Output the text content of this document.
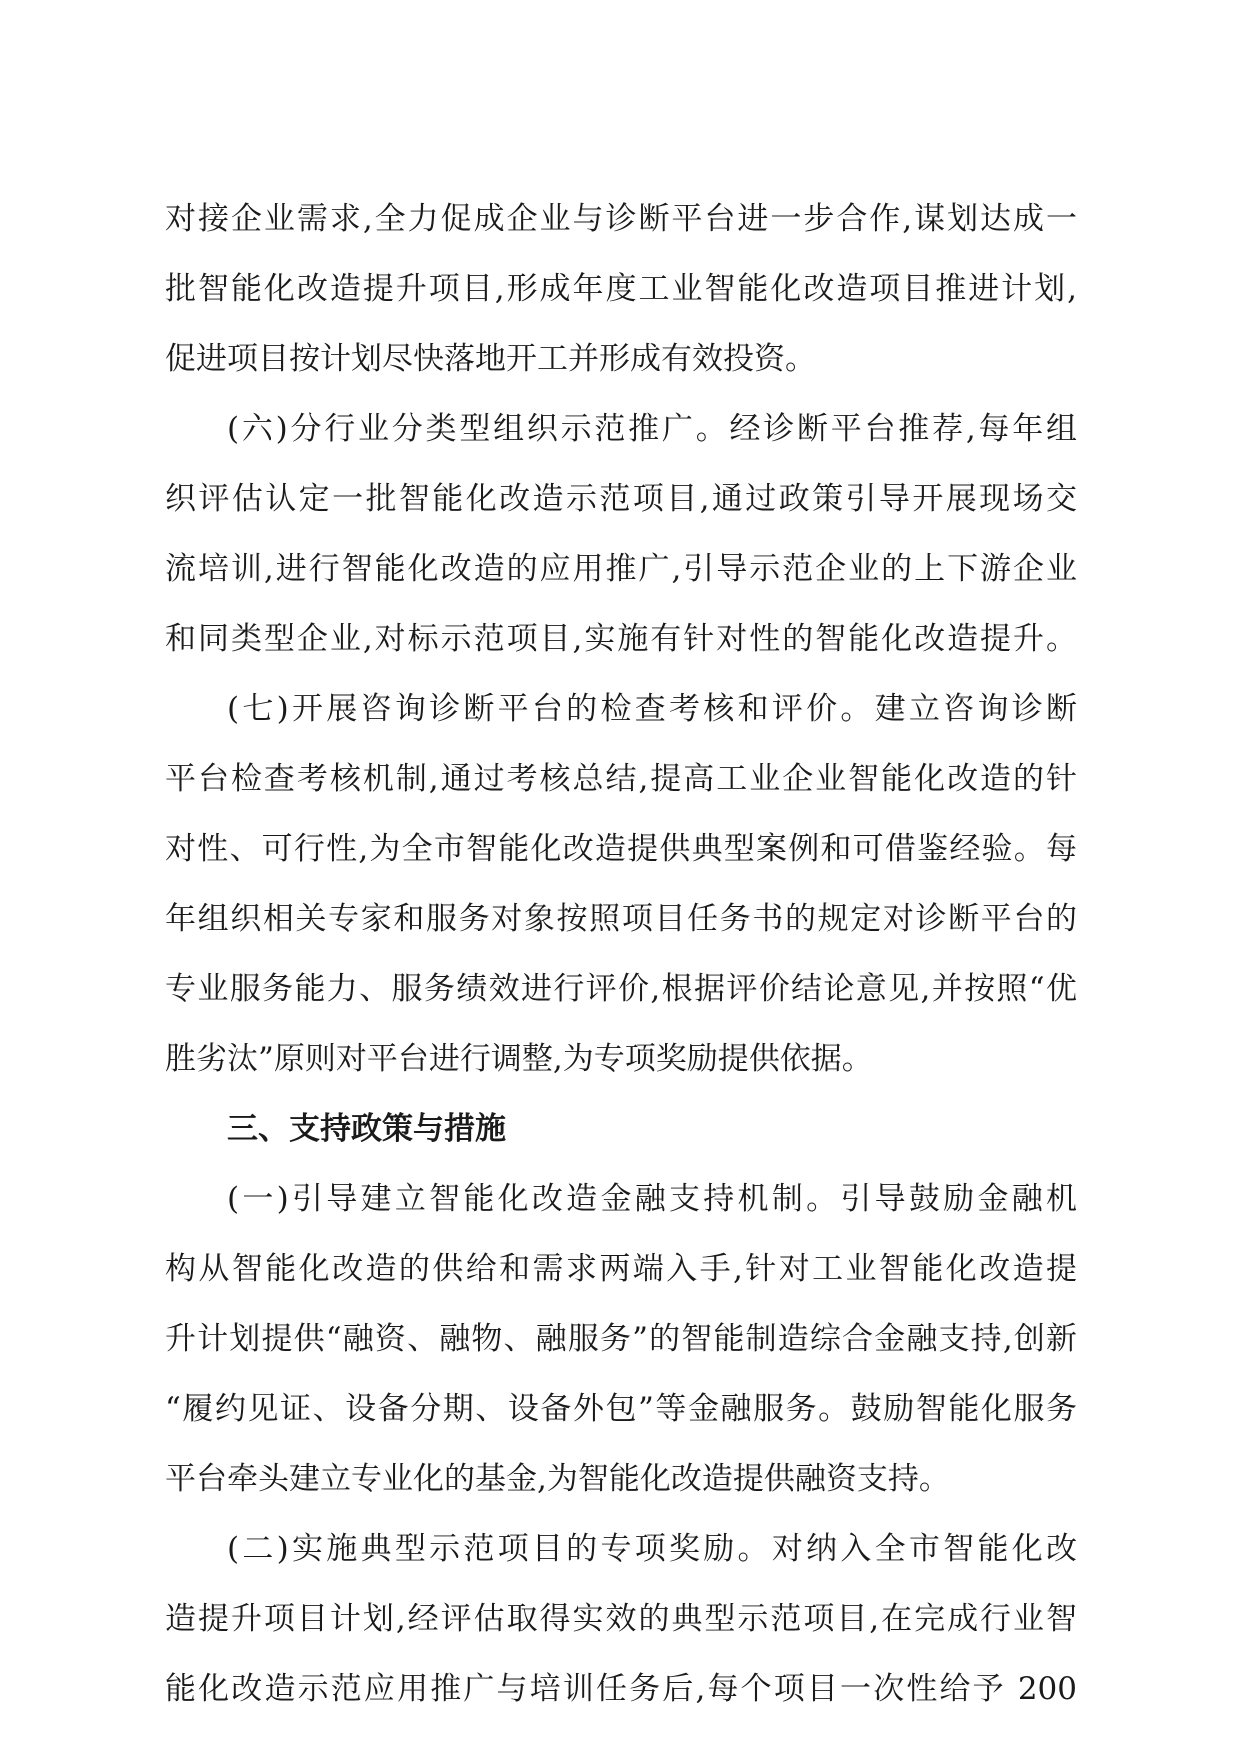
对接企业需求,全力促成企业与诊断平台进一步合作,谋划达成一
批智能化改造提升项目,形成年度工业智能化改造项目推进计划,
促进项目按计划尽快落地开工并形成有效投资。
(六)分行业分类型组织示范推广。经诊断平台推荐,每年组
织评估认定一批智能化改造示范项目,通过政策引导开展现场交
流培训,进行智能化改造的应用推广,引导示范企业的上下游企业
和同类型企业,对标示范项目,实施有针对性的智能化改造提升。
(七)开展咨询诊断平台的检查考核和评价。建立咨询诊断
平台检查考核机制,通过考核总结,提高工业企业智能化改造的针
对性、可行性,为全市智能化改造提供典型案例和可借鉴经验。每
年组织相关专家和服务对象按照项目任务书的规定对诊断平台的
专业服务能力、服务绩效进行评价,根据评价结论意见,并按照“优
胜劣汰”原则对平台进行调整,为专项奖励提供依据。
三、支持政策与措施
(一)引导建立智能化改造金融支持机制。引导鼓励金融机
构从智能化改造的供给和需求两端入手,针对工业智能化改造提
升计划提供“融资、融物、融服务”的智能制造综合金融支持,创新
“履约见证、设备分期、设备外包”等金融服务。鼓励智能化服务
平台牵头建立专业化的基金,为智能化改造提供融资支持。
(二)实施典型示范项目的专项奖励。对纳入全市智能化改
造提升项目计划,经评估取得实效的典型示范项目,在完成行业智
能化改造示范应用推广与培训任务后,每个项目一次性给予 200
